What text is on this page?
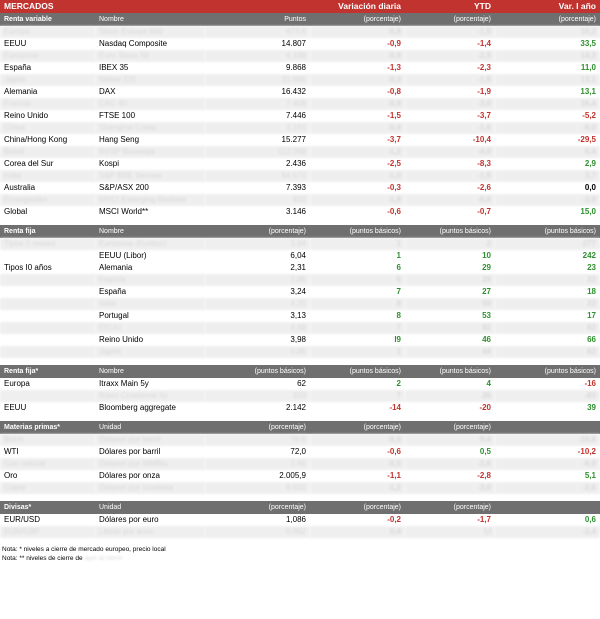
MERCADOS			Variación diaria	YTD	Var. I año
Renta variable	Nombre	Puntos	(porcentaje)	(porcentaje)	(porcentaje)
Europa	Stoxx Europe 600	473,6	-0,8	-1,5	10,2
EEUU	Nasdaq Composite	14.807	-0,9	-1,4	33,5
Eurozona	Euro Stoxx 50	4.198	-0,9	-2,5	14,3
España	IBEX 35	9.868	-1,3	-2,3	11,0
Japón	Nikkei 225	32.686	-0,3	-1,5	13,1
Alemania	DAX	16.432	-0,8	-1,9	13,1
Francia	CAC 40	7.408	-0,9	-3,0	16,4
Reino Unido	FTSE 100	7.446	-1,5	-3,7	-5,2
China	Shanghai Comp.	3.161	-0,4	-1,6	-6,0
China/Hong Kong	Hang Seng	15.277	-3,7	-10,4	-29,5
Brasil	BVSP Ibovespa	112.268	-1,2	-4,0	0,4
Corea del Sur	Kospi	2.436	-2,5	-8,3	2,9
India	S&P BSE Sensex	64.571	-1,0	-1,5	3,7
Australia	S&P/ASX 200	7.393	-0,3	-2,6	0,0
Emergentes	MSCI Emerging Markets	933	-1,8	-6,8	-3,9
Global	MSCI World**	3.146	-0,6	-0,7	15,0
Renta fija	Nombre	(porcentaje)	(puntos básicos)	(puntos básicos)	(puntos básicos)
Tipos 3 meses	Eurozona (Euribor)	3,94	1	2	277
	EEUU (Libor)	6,04	1	10	242
Tipos I0 años	Alemania	2,31	6	29	23
	Francia	2,86	6	29	22
	España	3,24	7	27	18
	Italia	4,20	8	50	23
	Portugal	3,13	8	53	17
	EEUU	4,68	7	81	62
	Reino Unido	3,98	I9	46	66
	Japón	0,86	1	44	62
Renta fija*	Nombre	(puntos básicos)	(puntos básicos)	(puntos básicos)	(puntos básicos)
Europa	Itraxx Main 5y	62	2	4	-16
	Itraxx Crossover 5y	333	7	26	-83
EEUU	Bloomberg aggregate	2.142	-14	-20	39
Materias primas*	Unidad	(porcentaje)	(porcentaje)	(porcentaje)	
Brent	Dólares por barril	76,6	-0,5	0,4	-10,8
WTI	Dólares por barril	72,0	-0,6	0,5	-10,2
Gas natural	Dólares por MMBtu	2,66	-0,5	-2,6	-6,9
Oro	Dólares por onza	2.005,9	-1,1	-2,8	5,1
Cobre	Dólares por tonelada	8.020	-1,2	-3,0	-2,6
Divisas*	Unidad	(porcentaje)	(porcentaje)	(porcentaje)	
EUR/USD	Dólares por euro	1,086	-0,2	-1,7	0,6
EUR/GBP	Libras por euro	0,862	0,4	I,I	-2,4
Nota: * niveles a cierre de mercado europeo, precio local
Nota: ** niveles de cierre de ayer al cierre
